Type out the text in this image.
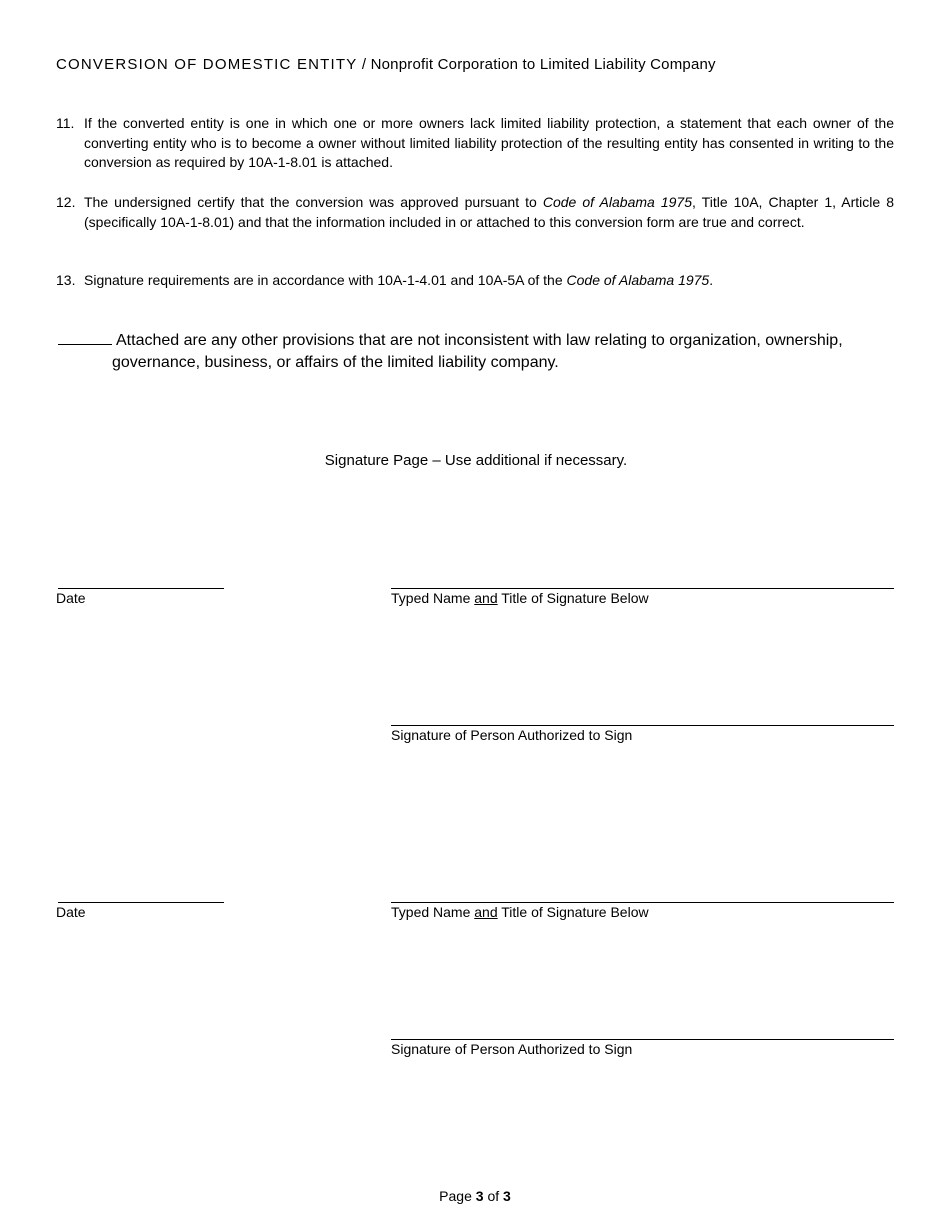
CONVERSION OF DOMESTIC ENTITY / Nonprofit Corporation to Limited Liability Company
11. If the converted entity is one in which one or more owners lack limited liability protection, a statement that each owner of the converting entity who is to become a owner without limited liability protection of the resulting entity has consented in writing to the conversion as required by 10A-1-8.01 is attached.
12. The undersigned certify that the conversion was approved pursuant to Code of Alabama 1975, Title 10A, Chapter 1, Article 8 (specifically 10A-1-8.01) and that the information included in or attached to this conversion form are true and correct.
13. Signature requirements are in accordance with 10A-1-4.01 and 10A-5A of the Code of Alabama 1975.
Attached are any other provisions that are not inconsistent with law relating to organization, ownership,
governance, business, or affairs of the limited liability company.
Signature Page – Use additional if necessary.
Date	Typed Name and Title of Signature Below
Signature of Person Authorized to Sign
Date	Typed Name and Title of Signature Below
Signature of Person Authorized to Sign
Page 3 of 3
